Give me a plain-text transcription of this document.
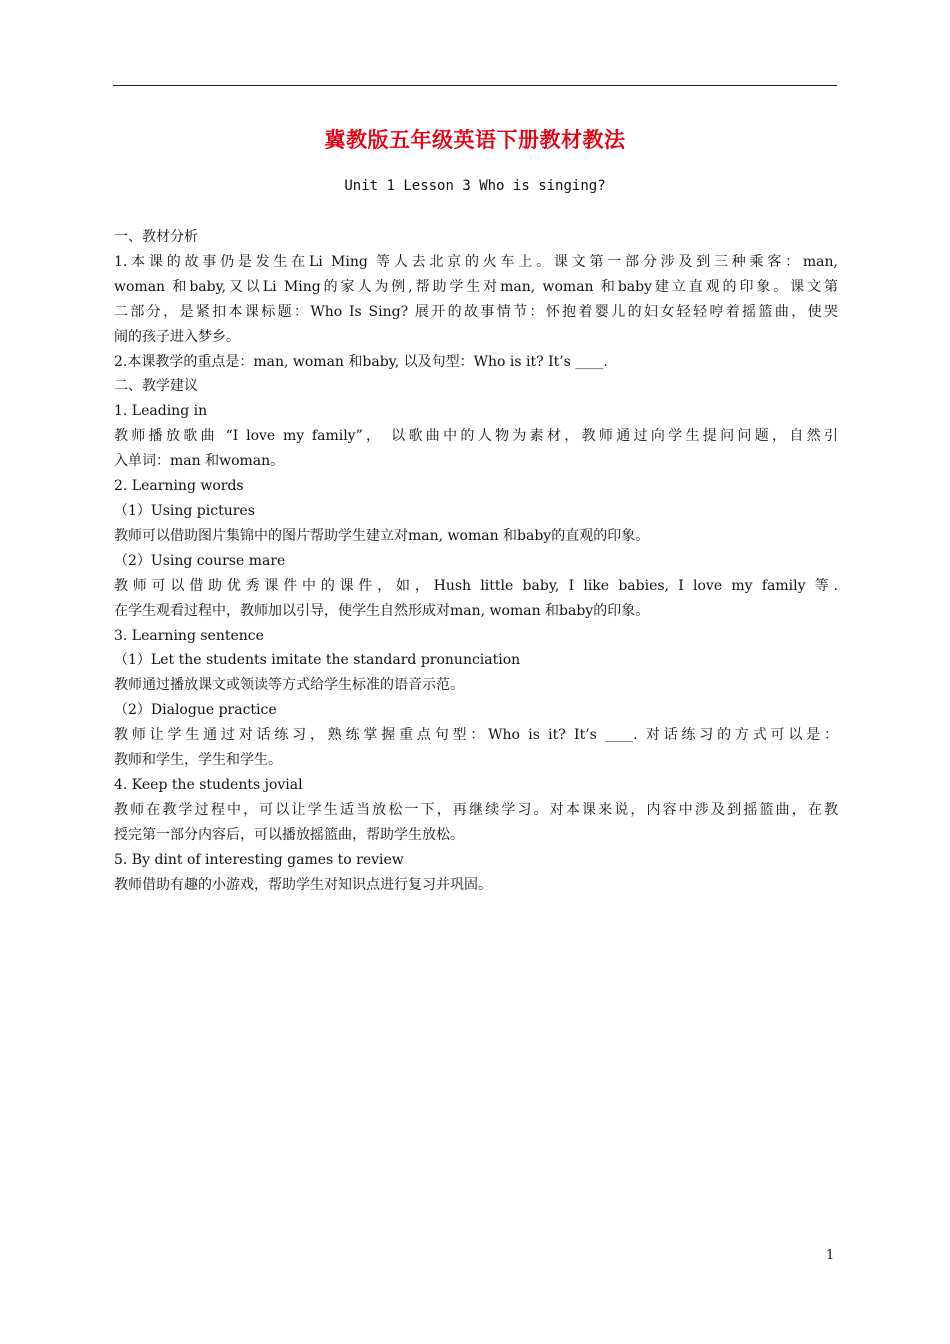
冀教版五年级英语下册教材教法
Unit 1 Lesson 3 Who is singing?
一、教材分析
1.本课的故事仍是发生在Li Ming 等人去北京的火车上。课文第一部分涉及到三种乘客：man,
woman 和baby,又以Li Ming的家人为例,帮助学生对man, woman 和baby建立直观的印象。课文第
二部分，是紧扣本课标题：Who Is Sing? 展开的故事情节：怀抱着婴儿的妇女轻轻哼着摇篮曲，使哭
闹的孩子进入梦乡。
2.本课教学的重点是：man, woman 和baby, 以及句型：Who is it? It’s ____.
二、教学建议
1. Leading in
教师播放歌曲 “I love my family”， 以歌曲中的人物为素材，教师通过向学生提问问题，自然引
入单词：man 和woman。
2. Learning words
（1）Using pictures
教师可以借助图片集锦中的图片帮助学生建立对man, woman 和baby的直观的印象。
（2）Using course mare
教师可以借助优秀课件中的课件，如，Hush little baby, I like babies, I love my family 等.
在学生观看过程中，教师加以引导，使学生自然形成对man, woman 和baby的印象。
3. Learning sentence
（1）Let the students imitate the standard pronunciation
教师通过播放课文或领读等方式给学生标准的语音示范。
（2）Dialogue practice
教师让学生通过对话练习，熟练掌握重点句型：Who is it? It’s ____. 对话练习的方式可以是：
教师和学生，学生和学生。
4. Keep the students jovial
教师在教学过程中，可以让学生适当放松一下，再继续学习。对本课来说，内容中涉及到摇篮曲，在教
授完第一部分内容后，可以播放摇篮曲，帮助学生放松。
5. By dint of interesting games to review
教师借助有趣的小游戏，帮助学生对知识点进行复习并巩固。
1
